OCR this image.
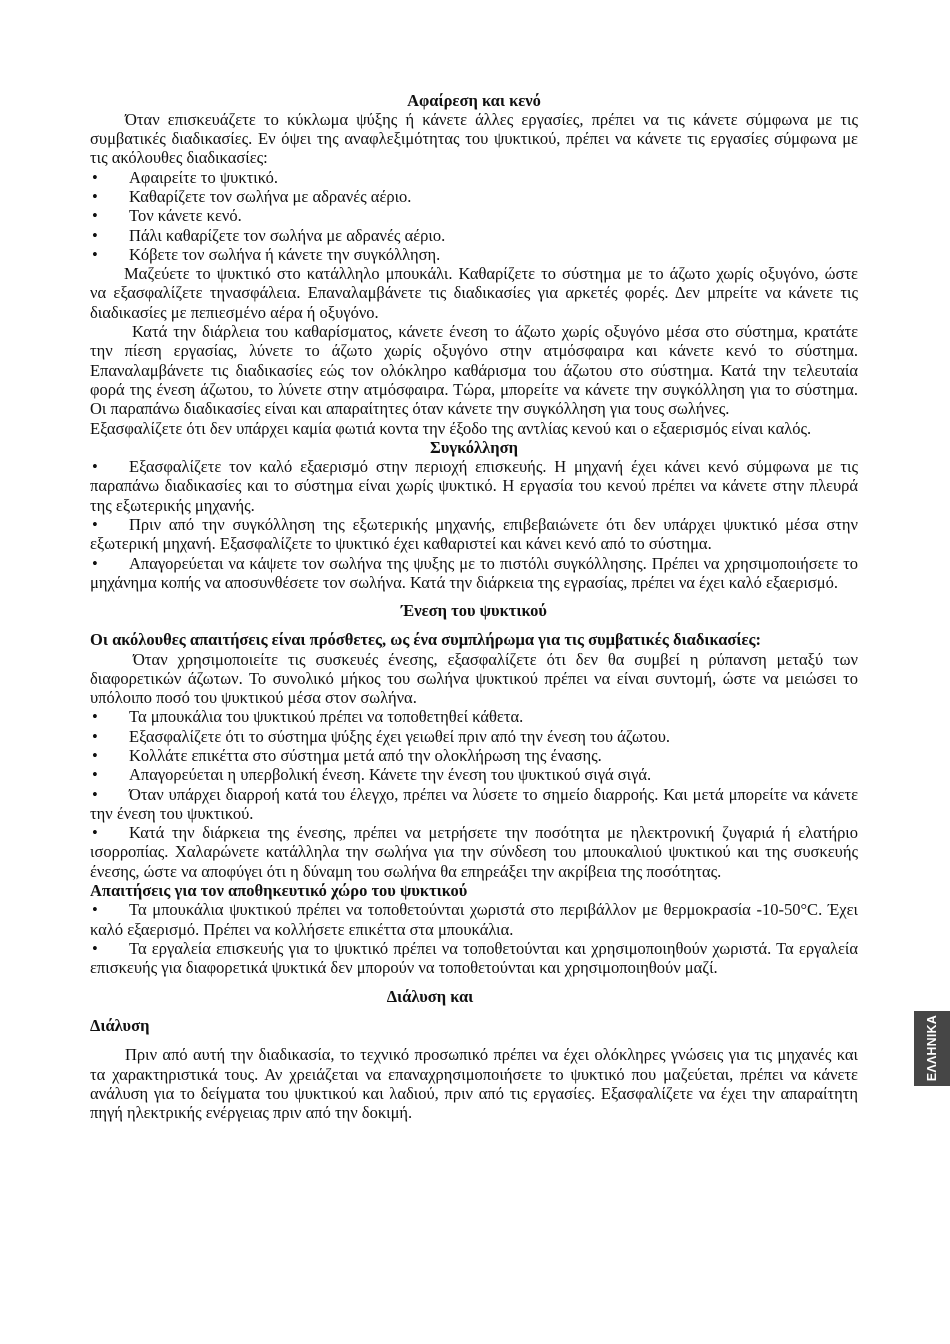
Αφαίρεση και κενό
Όταν επισκευάζετε το κύκλωμα ψύξης ή κάνετε άλλες εργασίες, πρέπει να τις κάνετε σύμφωνα με τις
συμβατικές διαδικασίες. Εν όψει της αναφλεξιμότητας του ψυκτικού, πρέπει να κάνετε τις εργασίες σύμφωνα με
τις ακόλουθες διαδικασίες:
• Αφαιρείτε το ψυκτικό.
• Καθαρίζετε τον σωλήνα με αδρανές αέριο.
• Τον κάνετε κενό.
• Πάλι καθαρίζετε τον σωλήνα με αδρανές αέριο.
• Κόβετε τον σωλήνα ή κάνετε την συγκόλληση.
Μαζεύετε το ψυκτικό στο κατάλληλο μπουκάλι. Καθαρίζετε το σύστημα με το άζωτο χωρίς οξυγόνο, ώστε
να εξασφαλίζετε τηνασφάλεια. Επαναλαμβάνετε τις διαδικασίες για αρκετές φορές. Δεν μπρείτε να κάνετε τις
διαδικασίες με πεπιεσμένο αέρα ή οξυγόνο.
Κατά την διάρλεια του καθαρίσματος, κάνετε ένεση το άζωτο χωρίς οξυγόνο μέσα στο σύστημα, κρατάτε
την πίεση εργασίας, λύνετε το άζωτο χωρίς οξυγόνο στην ατμόσφαιρα και κάνετε κενό το σύστημα.
Επαναλαμβάνετε τις διαδικασίες εώς τον ολόκληρο καθάρισμα του άζωτου στο σύστημα. Κατά την τελευταία
φορά της ένεση άζωτου, το λύνετε στην ατμόσφαιρα. Τώρα, μπορείτε να κάνετε την συγκόλληση για το σύστημα.
Οι παραπάνω διαδικασίες είναι και απαραίτητες όταν κάνετε την συγκόλληση για τους σωλήνες.
Εξασφαλίζετε ότι δεν υπάρχει καμία φωτιά κοντα την έξοδο της αντλίας κενού και ο εξαερισμός είναι καλός.
Συγκόλληση
• Εξασφαλίζετε τον καλό εξαερισμό στην περιοχή επισκευής. Η μηχανή έχει κάνει κενό σύμφωνα με τις
παραπάνω διαδικασίες και το σύστημα είναι χωρίς ψυκτικό. Η εργασία του κενού πρέπει να κάνετε στην πλευρά
της εξωτερικής μηχανής.
• Πριν από την συγκόλληση της εξωτερικής μηχανής, επιβεβαιώνετε ότι δεν υπάρχει ψυκτικό μέσα στην
εξωτερική μηχανή. Εξασφαλίζετε το ψυκτικό έχει καθαριστεί και κάνει κενό από το σύστημα.
• Απαγορεύεται να κάψετε τον σωλήνα της ψυξης με το πιστόλι συγκόλλησης. Πρέπει να χρησιμοποιήσετε το
μηχάνημα κοπής να αποσυνθέσετε τον σωλήνα. Κατά την διάρκεια της εγρασίας, πρέπει να έχει καλό εξαερισμό.
Ένεση του ψυκτικού
Οι ακόλουθες απαιτήσεις είναι πρόσθετες, ως ένα συμπλήρωμα για τις συμβατικές διαδικασίες:
Όταν χρησιμοποιείτε τις συσκευές ένεσης, εξασφαλίζετε ότι δεν θα συμβεί η ρύπανση μεταξύ των
διαφορετικών άζωτων. Το συνολικό μήκος του σωλήνα ψυκτικού πρέπει να είναι συντομή, ώστε να μειώσει το
υπόλοιπο ποσό του ψυκτικού μέσα στον σωλήνα.
• Τα μπουκάλια του ψυκτικού πρέπει να τοποθετηθεί κάθετα.
• Εξασφαλίζετε ότι το σύστημα ψύξης έχει γειωθεί πριν από την ένεση του άζωτου.
• Κολλάτε επικέττα στο σύστημα μετά από την ολοκλήρωση της ένασης.
• Απαγορεύεται η υπερβολική ένεση. Κάνετε την ένεση του ψυκτικού σιγά σιγά.
• Όταν υπάρχει διαρροή κατά του έλεγχο, πρέπει να λύσετε το σημείο διαρροής. Και μετά μπορείτε να κάνετε
την ένεση του ψυκτικού.
• Κατά την διάρκεια της ένεσης, πρέπει να μετρήσετε την ποσότητα με ηλεκτρονική ζυγαριά ή ελατήριο
ισορροπίας. Χαλαρώνετε κατάλληλα την σωλήνα για την σύνδεση του μπουκαλιού ψυκτικού και της συσκευής
ένεσης, ώστε να αποφύγει ότι η δύναμη του σωλήνα θα επηρεάξει την ακρίβεια της ποσότητας.
Απαιτήσεις για τον αποθηκευτικό χώρο του ψυκτικού
• Τα μπουκάλια ψυκτικού πρέπει να τοποθετούνται χωριστά στο περιβάλλον με θερμοκρασία -10-50°C. Έχει
καλό εξαερισμό. Πρέπει να κολλήσετε επικέττα στα μπουκάλια.
• Τα εργαλεία επισκευής για το ψυκτικό πρέπει να τοποθετούνται και χρησιμοποιηθούν χωριστά. Τα εργαλεία
επισκευής για διαφορετικά ψυκτικά δεν μπορούν να τοποθετούνται και χρησιμοποιηθούν μαζί.
Διάλυση και
Διάλυση
Πριν από αυτή την διαδικασία, το τεχνικό προσωπικό πρέπει να έχει ολόκληρες γνώσεις για τις μηχανές και
τα χαρακτηριστικά τους. Αν χρειάζεται να επαναχρησιμοποιήσετε το ψυκτικό που μαζεύεται, πρέπει να κάνετε
ανάλυση για το δείγματα του ψυκτικού και λαδιού, πριν από τις εργασίες. Εξασφαλίζετε να έχει την απαραίτητη
πηγή ηλεκτρικής ενέργειας πριν από την δοκιμή.
ΕΛΛΗΝΙΚΑ
